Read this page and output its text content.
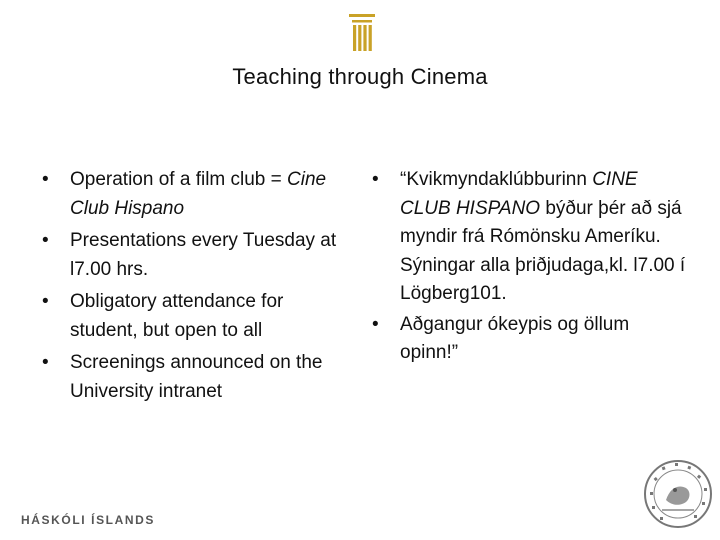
Teaching through Cinema
•	Operation of a film club = Cine Club Hispano
•	Presentations every Tuesday at l7.00 hrs.
•	Obligatory attendance for student, but open to all
•	Screenings announced on the University intranet
•	“Kvikmyndaklúbburinn CINE CLUB HISPANO býður þér að sjá myndir frá Rómönsku Ameríku. Sýningar alla þriðjudaga,kl. l7.00 í Lögberg101.
•	Aðgangur ókeypis og öllum opinn!”
HÁSKÓLI ÍSLANDS
